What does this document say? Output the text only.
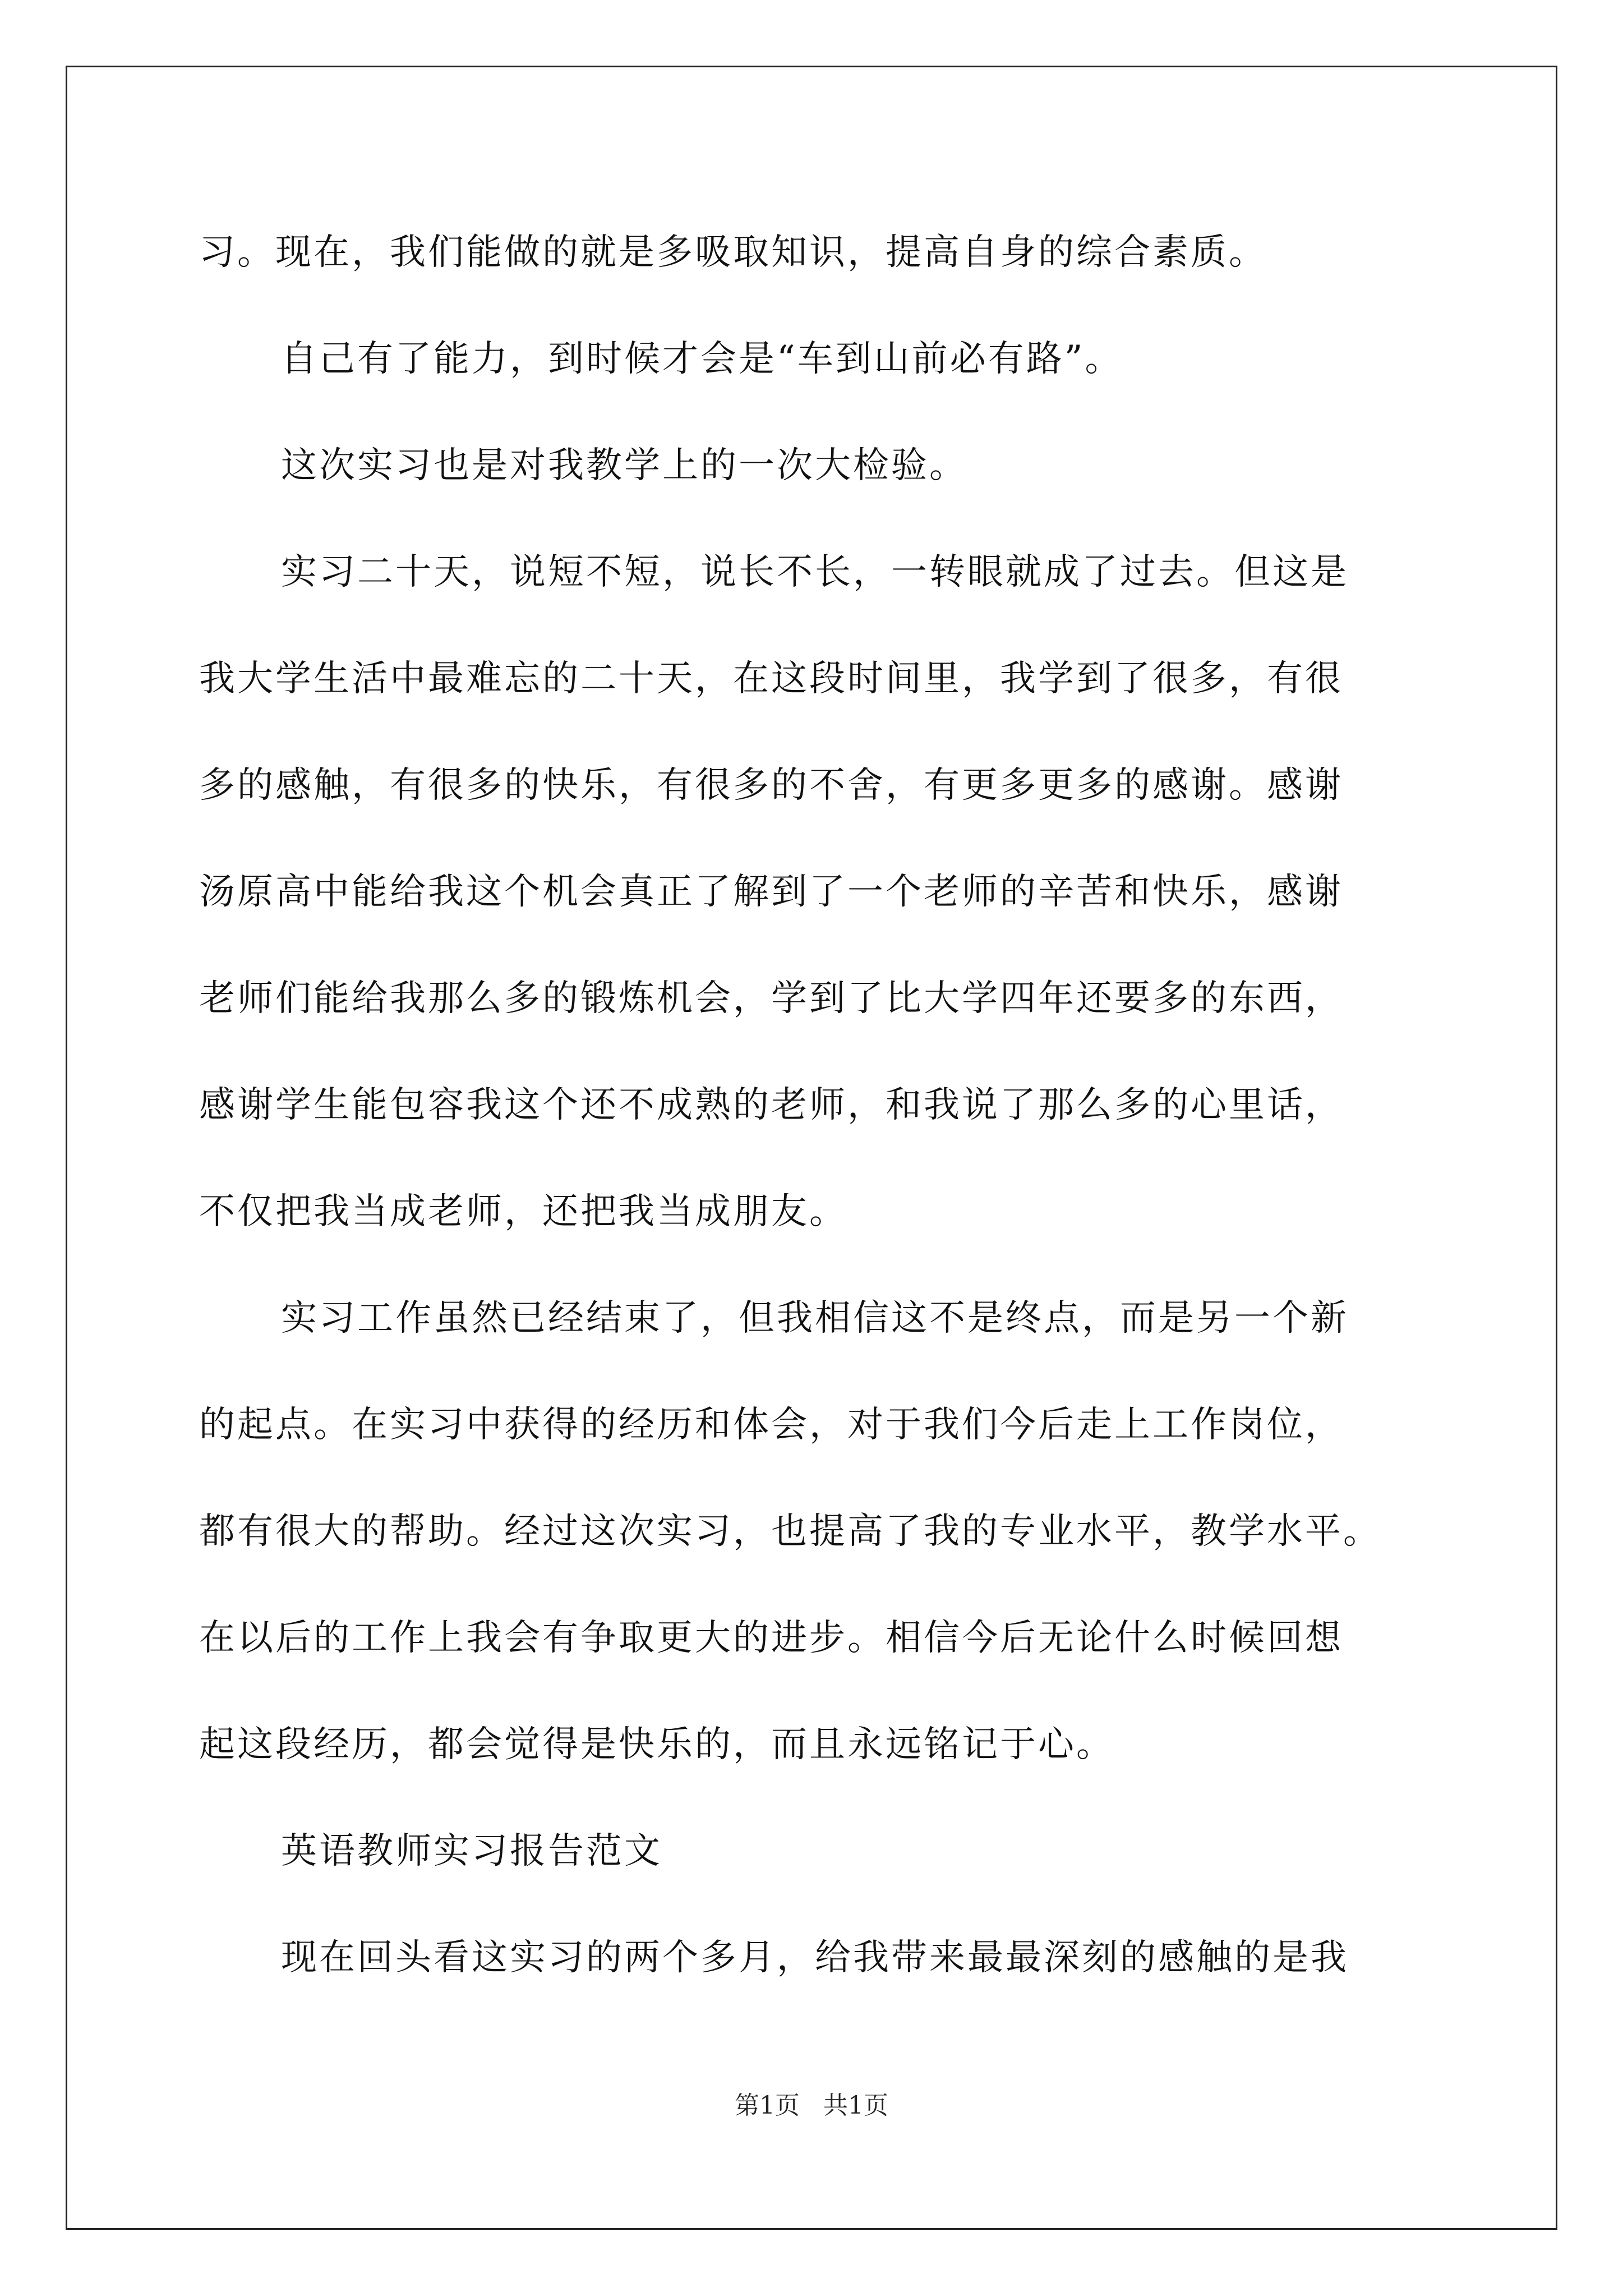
习。现在，我们能做的就是多吸取知识，提高自身的综合素质。
自己有了能力，到时候才会是“车到山前必有路”。
这次实习也是对我教学上的一次大检验。
实习二十天，说短不短，说长不长，一转眼就成了过去。但这是
我大学生活中最难忘的二十天，在这段时间里，我学到了很多，有很
多的感触，有很多的快乐，有很多的不舍，有更多更多的感谢。感谢
汤原高中能给我这个机会真正了解到了一个老师的辛苦和快乐，感谢
老师们能给我那么多的锻炼机会，学到了比大学四年还要多的东西，
感谢学生能包容我这个还不成熟的老师，和我说了那么多的心里话，
不仅把我当成老师，还把我当成朋友。
实习工作虽然已经结束了，但我相信这不是终点，而是另一个新
的起点。在实习中获得的经历和体会，对于我们今后走上工作岗位，
都有很大的帮助。经过这次实习，也提高了我的专业水平，教学水平。
在以后的工作上我会有争取更大的进步。相信今后无论什么时候回想
起这段经历，都会觉得是快乐的，而且永远铭记于心。
英语教师实习报告范文
现在回头看这实习的两个多月，给我带来最最深刻的感触的是我
第1页   共1页
